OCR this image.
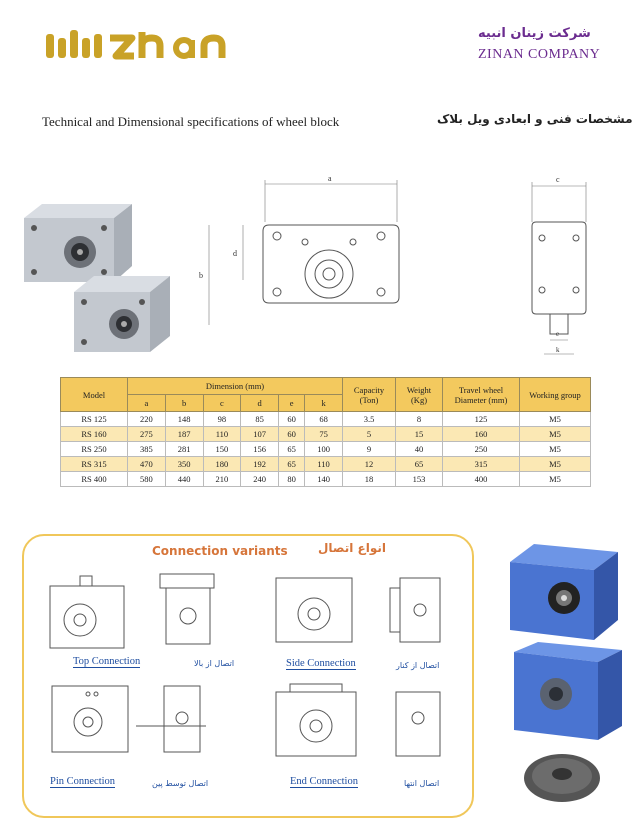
شرکت زینان انبیه
ZINAN COMPANY
Technical and Dimensional specifications of wheel block	مشخصات فنی و ابعادی ویل بلاک
a
b
d
c
e
k
Model	Dimension (mm)						Capacity (Ton)	Weight (Kg)	Travel wheel Diameter (mm)	Working group
	a	b	c	d	e	k				
RS 125	220	148	98	85	60	68	3.5	8	125	M5
RS 160	275	187	110	107	60	75	5	15	160	M5
RS 250	385	281	150	156	65	100	9	40	250	M5
RS 315	470	350	180	192	65	110	12	65	315	M5
RS 400	580	440	210	240	80	140	18	153	400	M5
Connection variants	انواع اتصال
Top Connection	اتصال از بالا	Side Connection	اتصال از کنار
Pin Connection	اتصال توسط پین	End Connection	اتصال انتها
